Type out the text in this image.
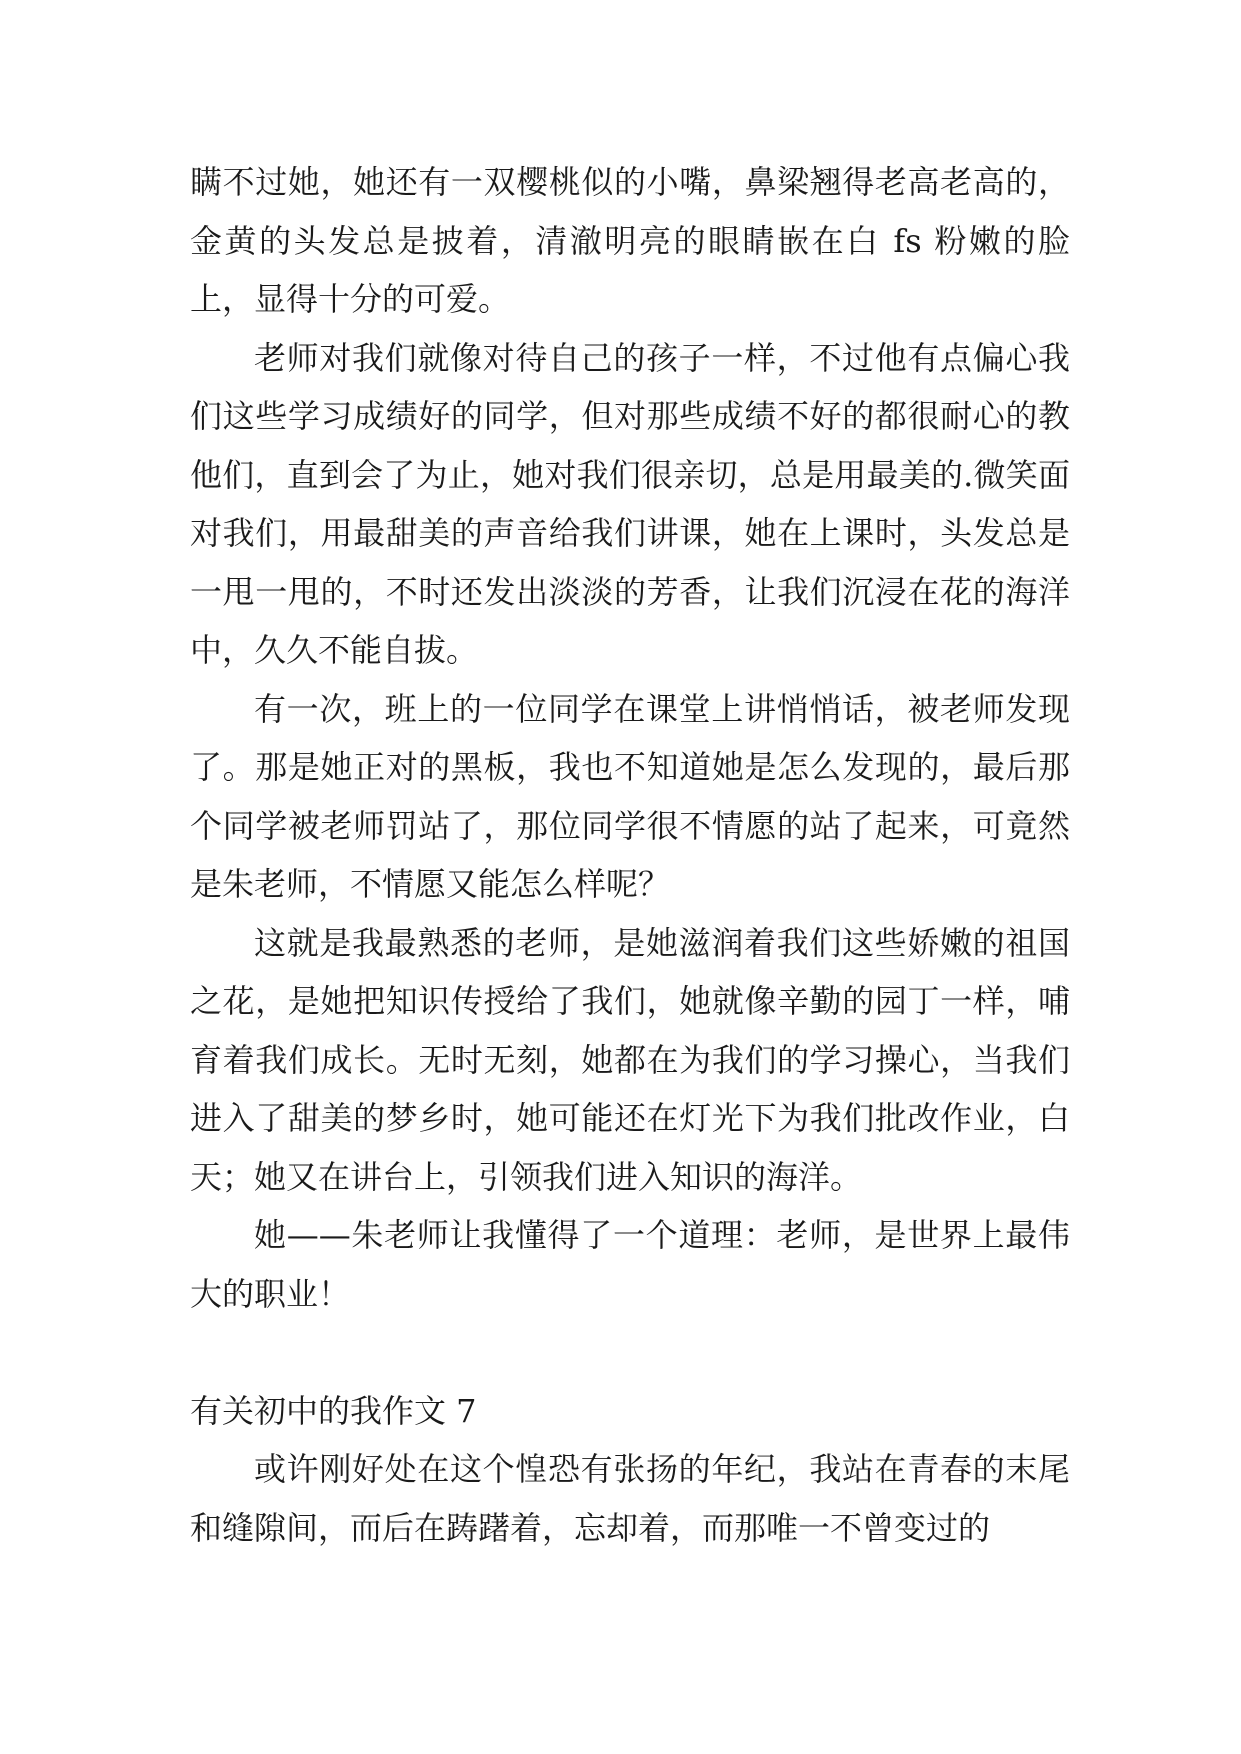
瞒不过她，她还有一双樱桃似的小嘴，鼻梁翘得老高老高的，金黄的头发总是披着，清澈明亮的眼睛嵌在白 fs 粉嫩的脸上，显得十分的可爱。

老师对我们就像对待自己的孩子一样，不过他有点偏心我们这些学习成绩好的同学，但对那些成绩不好的都很耐心的教他们，直到会了为止，她对我们很亲切，总是用最美的.微笑面对我们，用最甜美的声音给我们讲课，她在上课时，头发总是一甩一甩的，不时还发出淡淡的芳香，让我们沉浸在花的海洋中，久久不能自拔。

有一次，班上的一位同学在课堂上讲悄悄话，被老师发现了。那是她正对的黑板，我也不知道她是怎么发现的，最后那个同学被老师罚站了，那位同学很不情愿的站了起来，可竟然是朱老师，不情愿又能怎么样呢？

这就是我最熟悉的老师，是她滋润着我们这些娇嫩的祖国之花，是她把知识传授给了我们，她就像辛勤的园丁一样，哺育着我们成长。无时无刻，她都在为我们的学习操心，当我们进入了甜美的梦乡时，她可能还在灯光下为我们批改作业，白天；她又在讲台上，引领我们进入知识的海洋。

她——朱老师让我懂得了一个道理：老师，是世界上最伟大的职业！

有关初中的我作文 7

或许刚好处在这个惶恐有张扬的年纪，我站在青春的末尾和缝隙间，而后在踌躇着，忘却着，而那唯一不曾变过的
